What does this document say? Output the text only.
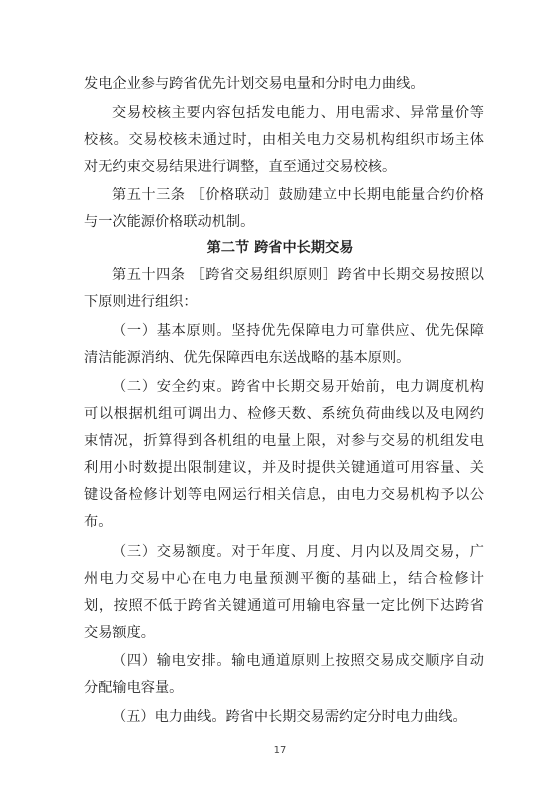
发电企业参与跨省优先计划交易电量和分时电力曲线。
交易校核主要内容包括发电能力、用电需求、异常量价等
校核。交易校核未通过时，由相关电力交易机构组织市场主体
对无约束交易结果进行调整，直至通过交易校核。
第五十三条 ［价格联动］鼓励建立中长期电能量合约价格
与一次能源价格联动机制。
第二节 跨省中长期交易
第五十四条 ［跨省交易组织原则］跨省中长期交易按照以
下原则进行组织：
（一）基本原则。坚持优先保障电力可靠供应、优先保障
清洁能源消纳、优先保障西电东送战略的基本原则。
（二）安全约束。跨省中长期交易开始前，电力调度机构
可以根据机组可调出力、检修天数、系统负荷曲线以及电网约
束情况，折算得到各机组的电量上限，对参与交易的机组发电
利用小时数提出限制建议，并及时提供关键通道可用容量、关
键设备检修计划等电网运行相关信息，由电力交易机构予以公
布。
（三）交易额度。对于年度、月度、月内以及周交易，广
州电力交易中心在电力电量预测平衡的基础上，结合检修计
划，按照不低于跨省关键通道可用输电容量一定比例下达跨省
交易额度。
（四）输电安排。输电通道原则上按照交易成交顺序自动
分配输电容量。
（五）电力曲线。跨省中长期交易需约定分时电力曲线。
17
